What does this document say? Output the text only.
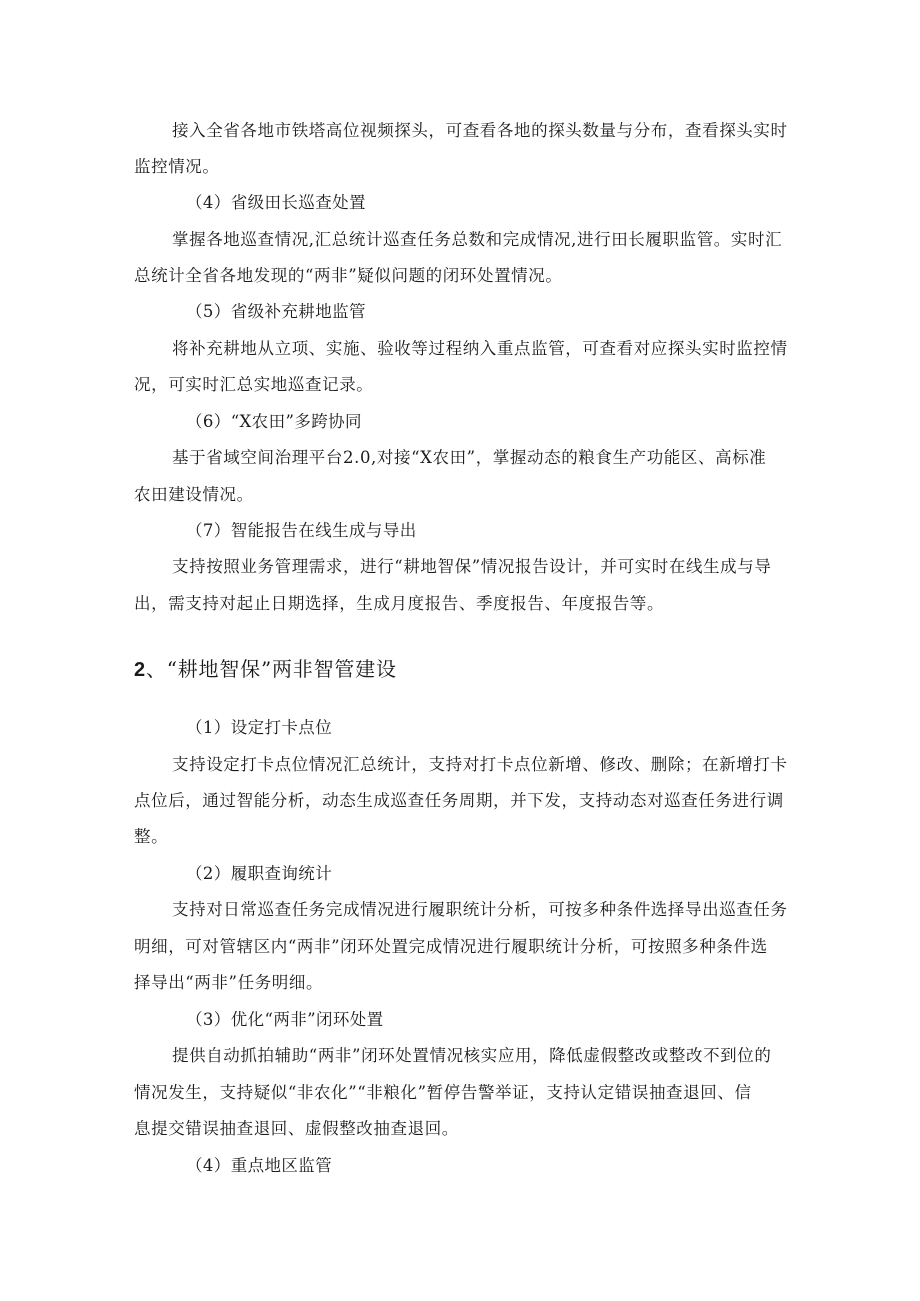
接入全省各地市铁塔高位视频探头，可查看各地的探头数量与分布，查看探头实时
监控情况。
（4）省级田长巡查处置
掌握各地巡查情况,汇总统计巡查任务总数和完成情况,进行田长履职监管。实时汇
总统计全省各地发现的“两非”疑似问题的闭环处置情况。
（5）省级补充耕地监管
将补充耕地从立项、实施、验收等过程纳入重点监管，可查看对应探头实时监控情
况，可实时汇总实地巡查记录。
（6）“X农田”多跨协同
基于省域空间治理平台2.0,对接“X农田”，掌握动态的粮食生产功能区、高标准
农田建设情况。
（7）智能报告在线生成与导出
支持按照业务管理需求，进行“耕地智保”情况报告设计，并可实时在线生成与导
出，需支持对起止日期选择，生成月度报告、季度报告、年度报告等。
2、“耕地智保”两非智管建设
（1）设定打卡点位
支持设定打卡点位情况汇总统计，支持对打卡点位新增、修改、删除；在新增打卡
点位后，通过智能分析，动态生成巡查任务周期，并下发，支持动态对巡查任务进行调
整。
（2）履职查询统计
支持对日常巡查任务完成情况进行履职统计分析，可按多种条件选择导出巡查任务
明细，可对管辖区内“两非”闭环处置完成情况进行履职统计分析，可按照多种条件选
择导出“两非”任务明细。
（3）优化“两非”闭环处置
提供自动抓拍辅助“两非”闭环处置情况核实应用，降低虚假整改或整改不到位的
情况发生，支持疑似“非农化”“非粮化”暂停告警举证，支持认定错误抽查退回、信
息提交错误抽查退回、虚假整改抽查退回。
（4）重点地区监管
